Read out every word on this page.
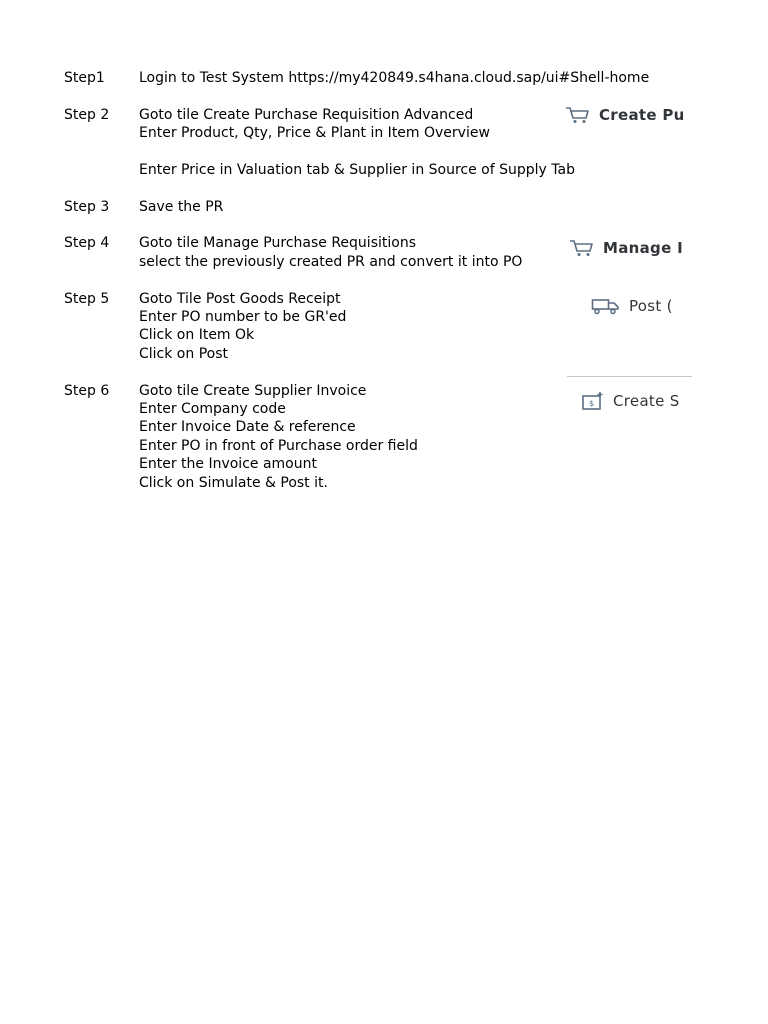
Step1 Login to Test System https://my420849.s4hana.cloud.sap/ui#Shell-home
Step 2 Goto tile Create Purchase Requisition Advanced
Enter Product, Qty, Price & Plant in Item Overview
Enter Price in Valuation tab & Supplier in Source of Supply Tab
Step 3 Save the PR
Step 4 Goto tile Manage Purchase Requisitions
select the previously created PR and convert it into PO
Step 5 Goto Tile Post Goods Receipt
Enter PO number to be GR'ed
Click on Item Ok
Click on Post
Step 6 Goto tile Create Supplier Invoice
Enter Company code
Enter Invoice Date & reference
Enter PO in front of Purchase order field
Enter the Invoice amount
Click on Simulate & Post it.
Create Pu
Manage I
Post (
$ Create S
